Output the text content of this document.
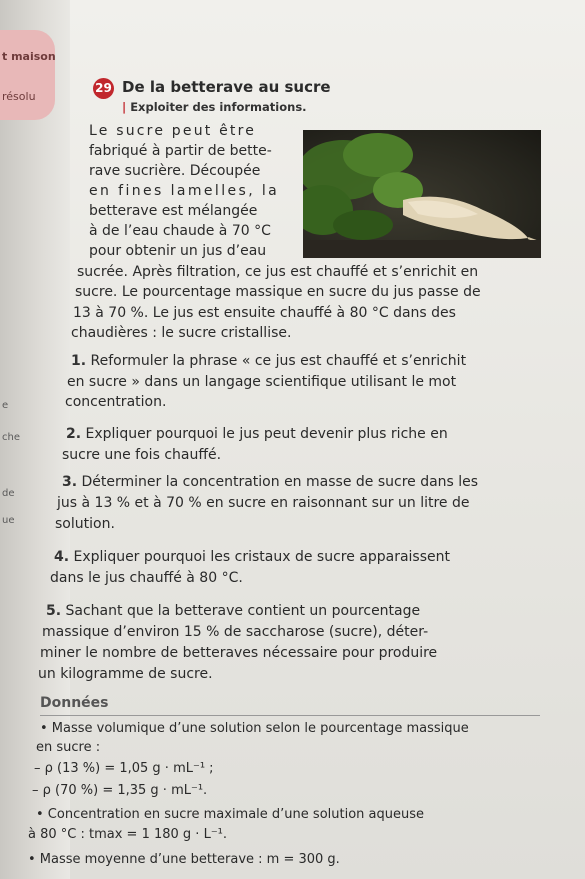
t maison
résolu
e
che
de
ue
29 De la betterave au sucre
| Exploiter des informations.
Le sucre peut être
fabriqué à partir de bette-
rave sucrière. Découpée
en fines lamelles, la
betterave est mélangée
à de l’eau chaude à 70 °C
pour obtenir un jus d’eau
sucrée. Après filtration, ce jus est chauffé et s’enrichit en
sucre. Le pourcentage massique en sucre du jus passe de
13 à 70 %. Le jus est ensuite chauffé à 80 °C dans des
chaudières : le sucre cristallise.
1. Reformuler la phrase « ce jus est chauffé et s’enrichit
en sucre » dans un langage scientifique utilisant le mot
concentration.
2. Expliquer pourquoi le jus peut devenir plus riche en
sucre une fois chauffé.
3. Déterminer la concentration en masse de sucre dans les
jus à 13 % et à 70 % en sucre en raisonnant sur un litre de
solution.
4. Expliquer pourquoi les cristaux de sucre apparaissent
dans le jus chauffé à 80 °C.
5. Sachant que la betterave contient un pourcentage
massique d’environ 15 % de saccharose (sucre), déter-
miner le nombre de betteraves nécessaire pour produire
un kilogramme de sucre.
Données
• Masse volumique d’une solution selon le pourcentage massique
en sucre :
– ρ (13 %) = 1,05 g · mL⁻¹ ;
– ρ (70 %) = 1,35 g · mL⁻¹.
• Concentration en sucre maximale d’une solution aqueuse
à 80 °C : tmax = 1 180 g · L⁻¹.
• Masse moyenne d’une betterave : m = 300 g.
